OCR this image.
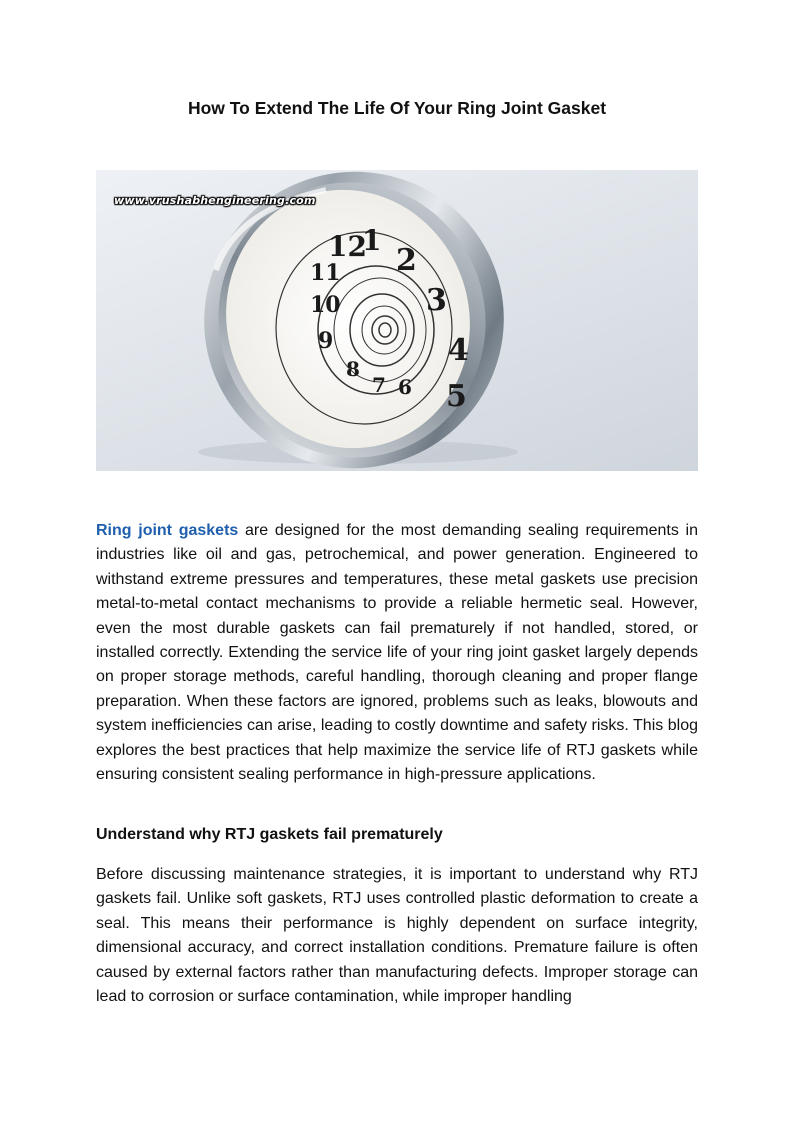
How To Extend The Life Of Your Ring Joint Gasket
12
1
2
3
4
5
11
10
9
8
7 6
www.vrushabhengineering.com

Ring joint gaskets are designed for the most demanding sealing requirements in industries like oil and gas, petrochemical, and power generation. Engineered to withstand extreme pressures and temperatures, these metal gaskets use precision metal-to-metal contact mechanisms to provide a reliable hermetic seal. However, even the most durable gaskets can fail prematurely if not handled, stored, or installed correctly. Extending the service life of your ring joint gasket largely depends on proper storage methods, careful handling, thorough cleaning and proper flange preparation. When these factors are ignored, problems such as leaks, blowouts and system inefficiencies can arise, leading to costly downtime and safety risks. This blog explores the best practices that help maximize the service life of RTJ gaskets while ensuring consistent sealing performance in high-pressure applications.

Understand why RTJ gaskets fail prematurely

Before discussing maintenance strategies, it is important to understand why RTJ gaskets fail. Unlike soft gaskets, RTJ uses controlled plastic deformation to create a seal. This means their performance is highly dependent on surface integrity, dimensional accuracy, and correct installation conditions. Premature failure is often caused by external factors rather than manufacturing defects. Improper storage can lead to corrosion or surface contamination, while improper handling
